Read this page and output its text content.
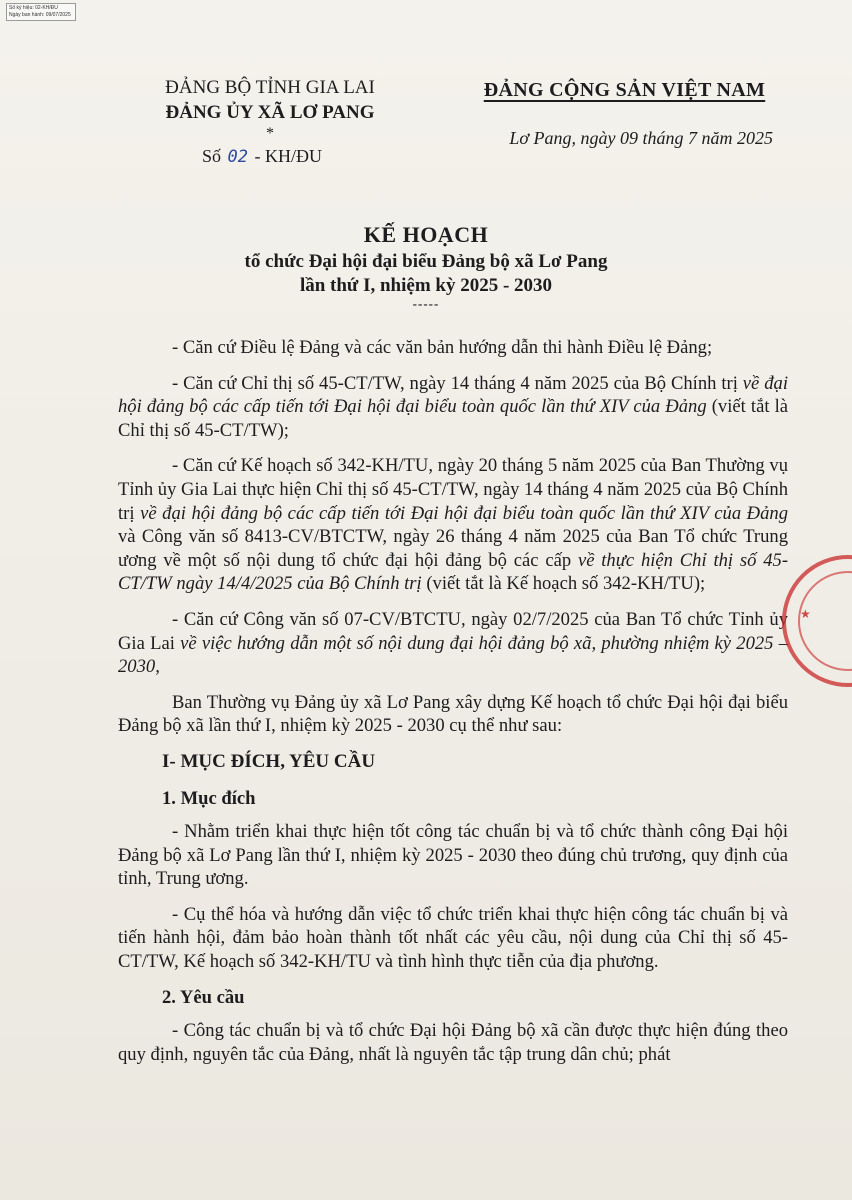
Số ký hiệu: 02-KH/ĐU
Ngày ban hành: 09/07/2025
ĐẢNG BỘ TỈNH GIA LAI
ĐẢNG ỦY XÃ LƠ PANG
*
Số 02 - KH/ĐU
ĐẢNG CỘNG SẢN VIỆT NAM
Lơ Pang, ngày 09 tháng 7 năm 2025
KẾ HOẠCH
tổ chức Đại hội đại biểu Đảng bộ xã Lơ Pang
lần thứ I, nhiệm kỳ 2025 - 2030
-----

- Căn cứ Điều lệ Đảng và các văn bản hướng dẫn thi hành Điều lệ Đảng;

- Căn cứ Chỉ thị số 45-CT/TW, ngày 14 tháng 4 năm 2025 của Bộ Chính trị về đại hội đảng bộ các cấp tiến tới Đại hội đại biểu toàn quốc lần thứ XIV của Đảng (viết tắt là Chỉ thị số 45-CT/TW);

- Căn cứ Kế hoạch số 342-KH/TU, ngày 20 tháng 5 năm 2025 của Ban Thường vụ Tỉnh ủy Gia Lai thực hiện Chỉ thị số 45-CT/TW, ngày 14 tháng 4 năm 2025 của Bộ Chính trị về đại hội đảng bộ các cấp tiến tới Đại hội đại biểu toàn quốc lần thứ XIV của Đảng và Công văn số 8413-CV/BTCTW, ngày 26 tháng 4 năm 2025 của Ban Tổ chức Trung ương về một số nội dung tổ chức đại hội đảng bộ các cấp về thực hiện Chỉ thị số 45-CT/TW ngày 14/4/2025 của Bộ Chính trị (viết tắt là Kế hoạch số 342-KH/TU);

- Căn cứ Công văn số 07-CV/BTCTU, ngày 02/7/2025 của Ban Tổ chức Tỉnh ủy Gia Lai về việc hướng dẫn một số nội dung đại hội đảng bộ xã, phường nhiệm kỳ 2025 – 2030,

Ban Thường vụ Đảng ủy xã Lơ Pang xây dựng Kế hoạch tổ chức Đại hội đại biểu Đảng bộ xã lần thứ I, nhiệm kỳ 2025 - 2030 cụ thể như sau:

I- MỤC ĐÍCH, YÊU CẦU

1. Mục đích

- Nhằm triển khai thực hiện tốt công tác chuẩn bị và tổ chức thành công Đại hội Đảng bộ xã Lơ Pang lần thứ I, nhiệm kỳ 2025 - 2030 theo đúng chủ trương, quy định của tỉnh, Trung ương.

- Cụ thể hóa và hướng dẫn việc tổ chức triển khai thực hiện công tác chuẩn bị và tiến hành hội, đảm bảo hoàn thành tốt nhất các yêu cầu, nội dung của Chỉ thị số 45-CT/TW, Kế hoạch số 342-KH/TU và tình hình thực tiễn của địa phương.

2. Yêu cầu

- Công tác chuẩn bị và tổ chức Đại hội Đảng bộ xã cần được thực hiện đúng theo quy định, nguyên tắc của Đảng, nhất là nguyên tắc tập trung dân chủ; phát

★
